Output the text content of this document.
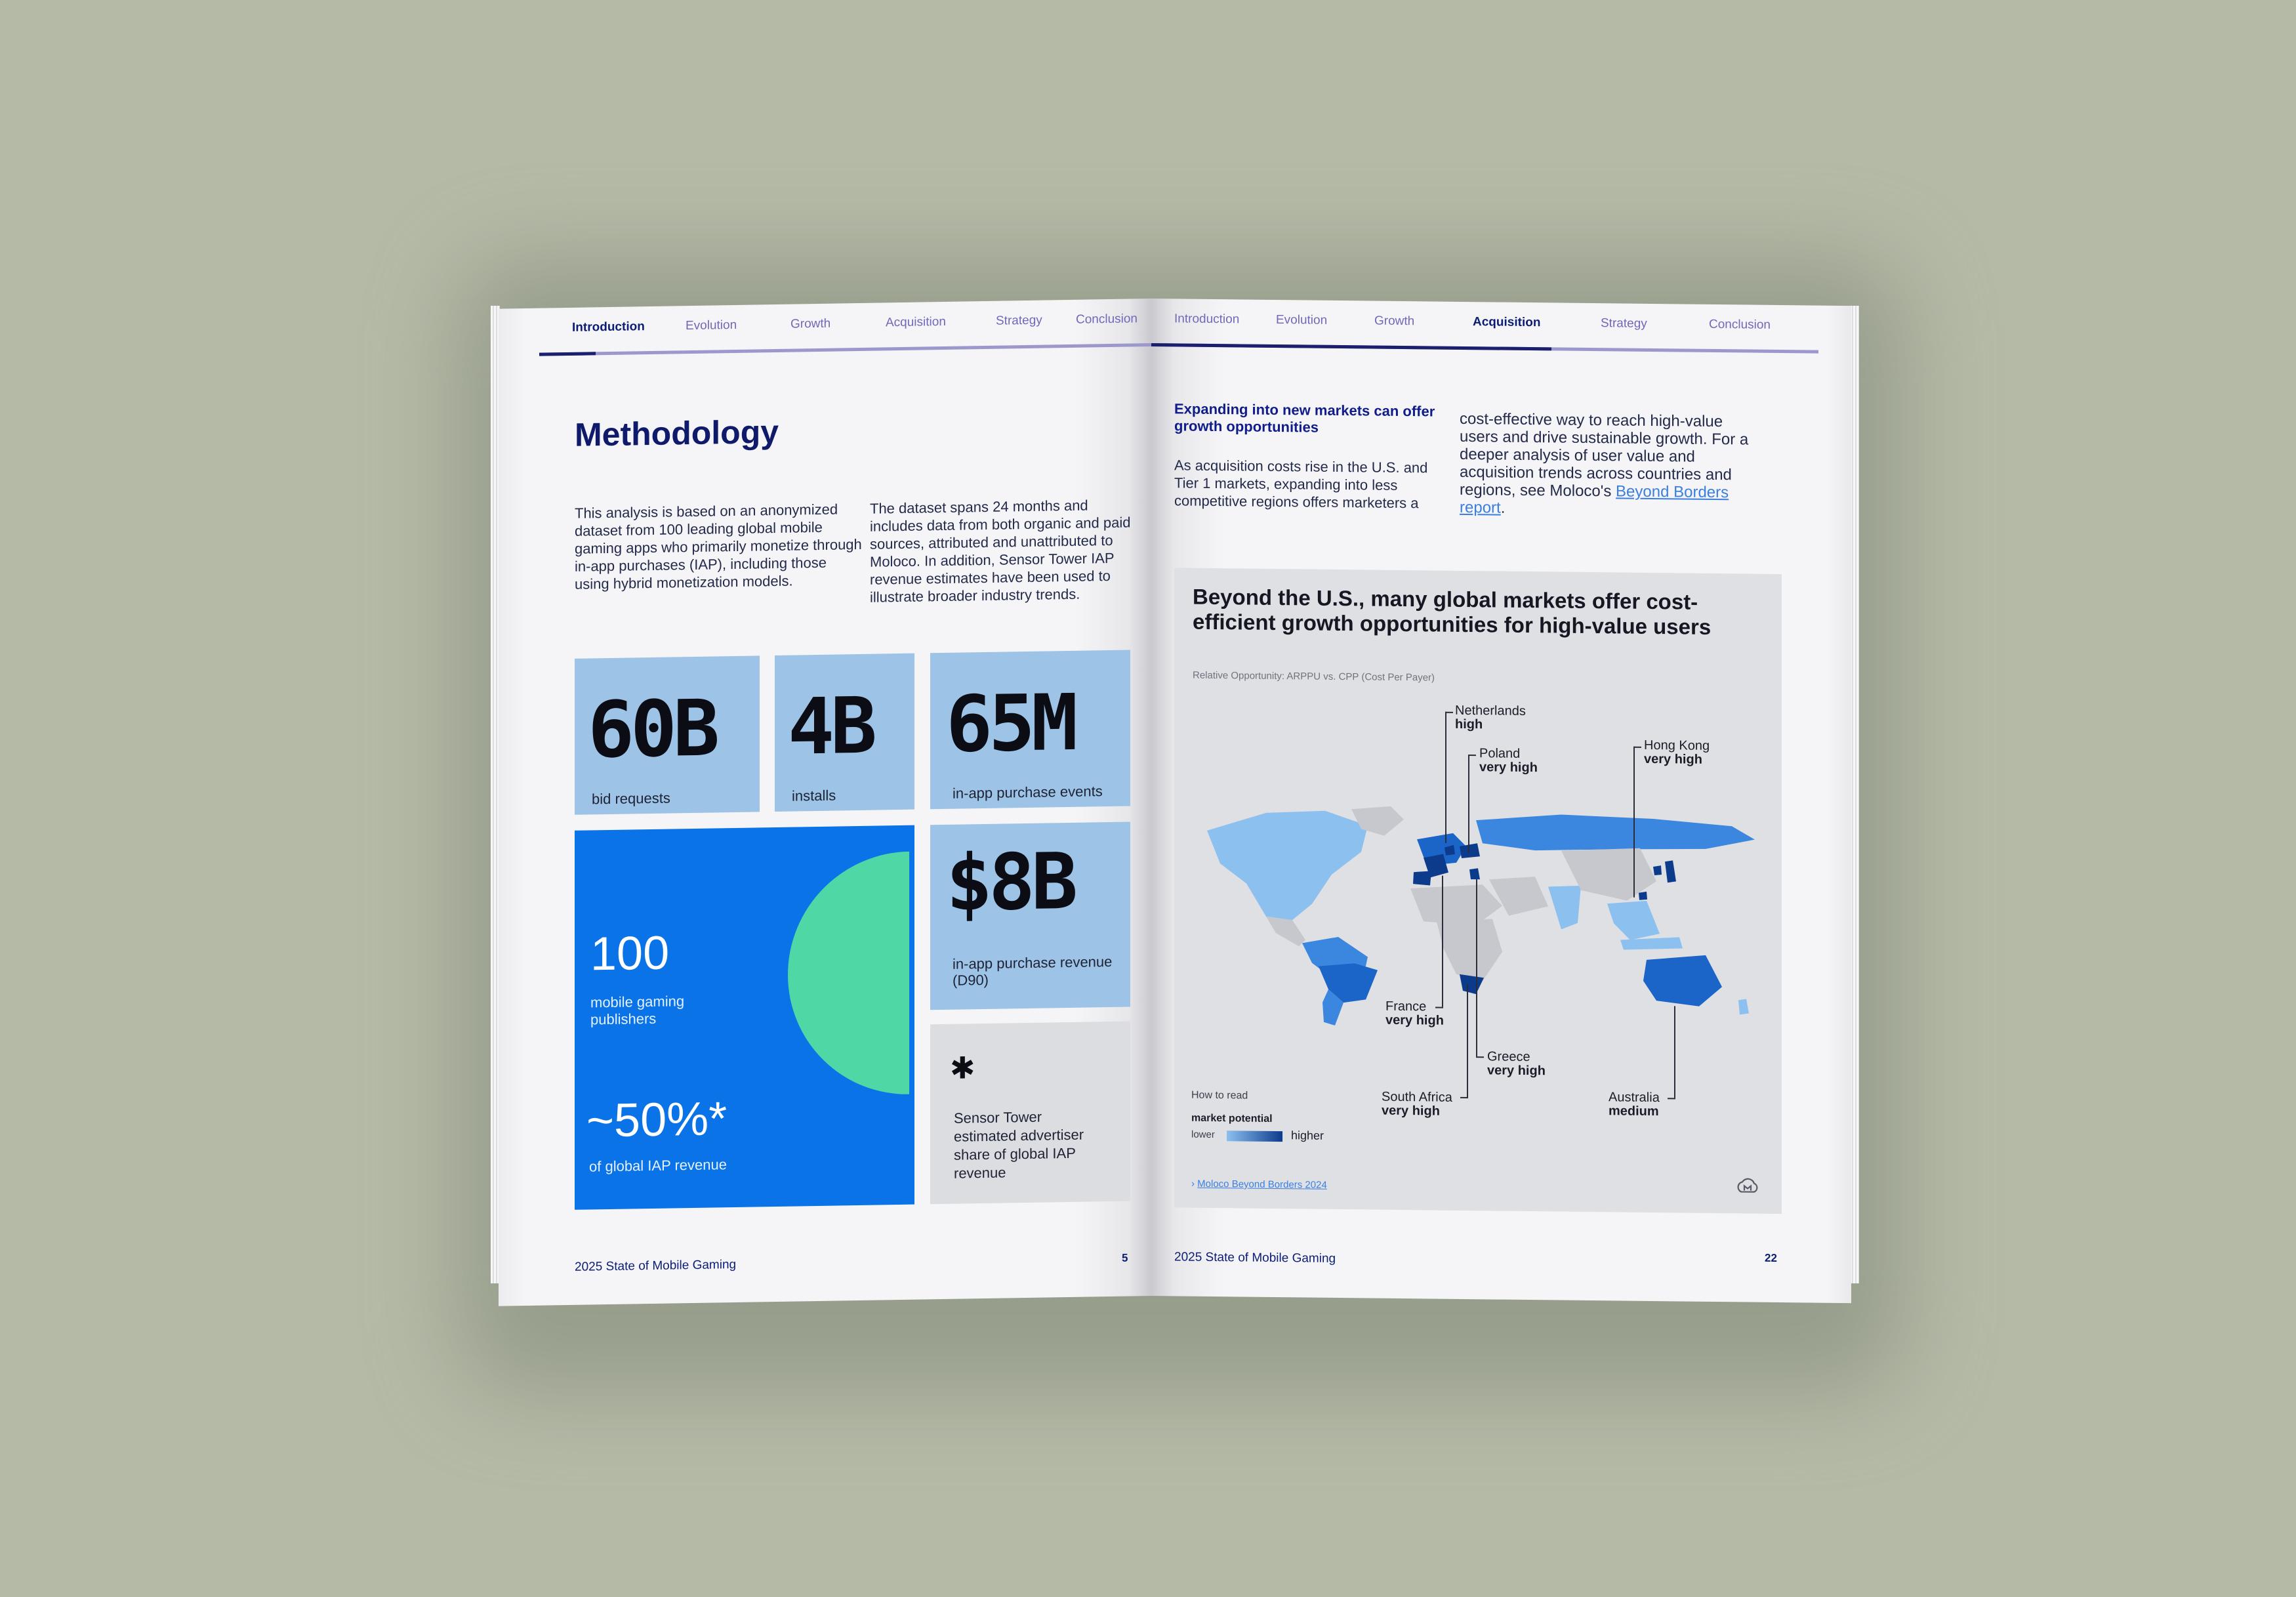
Introduction	Evolution	Growth	Acquisition	Strategy	Conclusion
Methodology
This analysis is based on an anonymized dataset from 100 leading global mobile gaming apps who primarily monetize through in-app purchases (IAP), including those using hybrid monetization models.
The dataset spans 24 months and includes data from both organic and paid sources, attributed and unattributed to Moloco. In addition, Sensor Tower IAP revenue estimates have been used to illustrate broader industry trends.
60B
bid requests
4B
installs
65M
in-app purchase events
100
mobile gaming publishers
~50%*
of global IAP revenue
$8B
in-app purchase revenue (D90)
✱
Sensor Tower estimated advertiser share of global IAP revenue
2025 State of Mobile Gaming	5
Introduction	Evolution	Growth	Acquisition	Strategy	Conclusion
Expanding into new markets can offer growth opportunities
As acquisition costs rise in the U.S. and Tier 1 markets, expanding into less competitive regions offers marketers a
cost-effective way to reach high-value users and drive sustainable growth. For a deeper analysis of user value and acquisition trends across countries and regions, see Moloco's Beyond Borders report.
Beyond the U.S., many global markets offer cost-efficient growth opportunities for high-value users
Relative Opportunity: ARPPU vs. CPP (Cost Per Payer)
Netherlands
high
Poland
very high
Hong Kong
very high
France
very high
Greece
very high
South Africa
very high
Australia
medium
How to read
market potential
lower	higher
› Moloco Beyond Borders 2024
2025 State of Mobile Gaming	22
